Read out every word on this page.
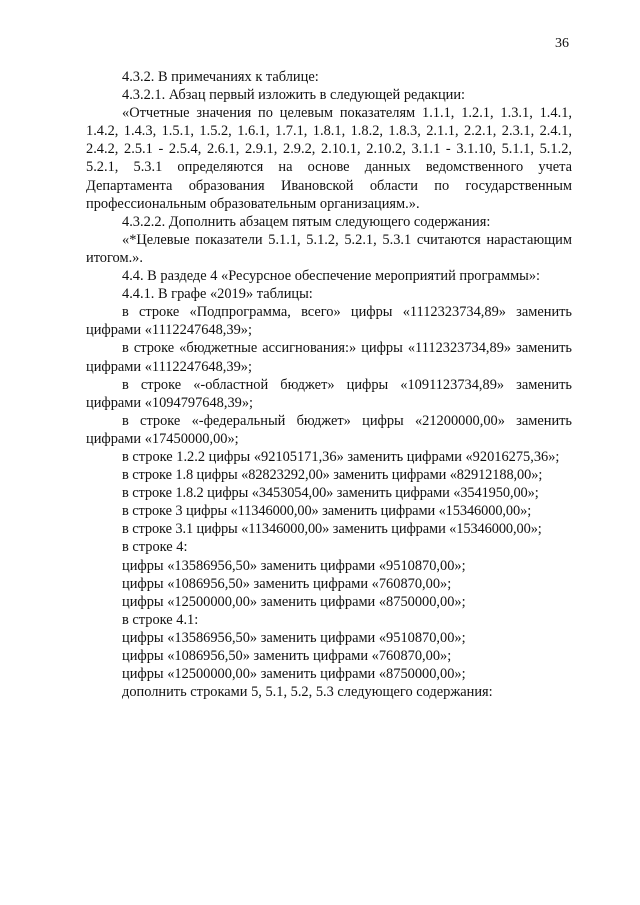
36

4.3.2. В примечаниях к таблице:

4.3.2.1. Абзац первый изложить в следующей редакции:

«Отчетные значения по целевым показателям 1.1.1, 1.2.1, 1.3.1, 1.4.1, 1.4.2, 1.4.3, 1.5.1, 1.5.2, 1.6.1, 1.7.1, 1.8.1, 1.8.2, 1.8.3, 2.1.1, 2.2.1, 2.3.1, 2.4.1, 2.4.2, 2.5.1 - 2.5.4, 2.6.1, 2.9.1, 2.9.2, 2.10.1, 2.10.2, 3.1.1 - 3.1.10, 5.1.1, 5.1.2, 5.2.1, 5.3.1 определяются на основе данных ведомственного учета Департамента образования Ивановской области по государственным профессиональным образовательным организациям.».

4.3.2.2. Дополнить абзацем пятым следующего содержания:

«*Целевые показатели 5.1.1, 5.1.2, 5.2.1, 5.3.1 считаются нарастающим итогом.».

4.4. В раздеде 4 «Ресурсное обеспечение мероприятий программы»:

4.4.1. В графе «2019» таблицы:

в строке «Подпрограмма, всего» цифры «1112323734,89» заменить цифрами «1112247648,39»;

в строке «бюджетные ассигнования:» цифры «1112323734,89» заменить цифрами «1112247648,39»;

в строке «-областной бюджет» цифры «1091123734,89» заменить цифрами «1094797648,39»;

в строке «-федеральный бюджет» цифры «21200000,00» заменить цифрами «17450000,00»;

в строке 1.2.2 цифры «92105171,36» заменить цифрами «92016275,36»;

в строке 1.8 цифры «82823292,00» заменить цифрами «82912188,00»;

в строке 1.8.2 цифры «3453054,00» заменить цифрами «3541950,00»;

в строке 3 цифры «11346000,00» заменить цифрами «15346000,00»;

в строке 3.1 цифры «11346000,00» заменить цифрами «15346000,00»;

в строке 4:

цифры «13586956,50» заменить цифрами «9510870,00»;

цифры «1086956,50» заменить цифрами «760870,00»;

цифры «12500000,00» заменить цифрами «8750000,00»;

в строке 4.1:

цифры «13586956,50» заменить цифрами «9510870,00»;

цифры «1086956,50» заменить цифрами «760870,00»;

цифры «12500000,00» заменить цифрами «8750000,00»;

дополнить строками 5, 5.1, 5.2, 5.3 следующего содержания:
